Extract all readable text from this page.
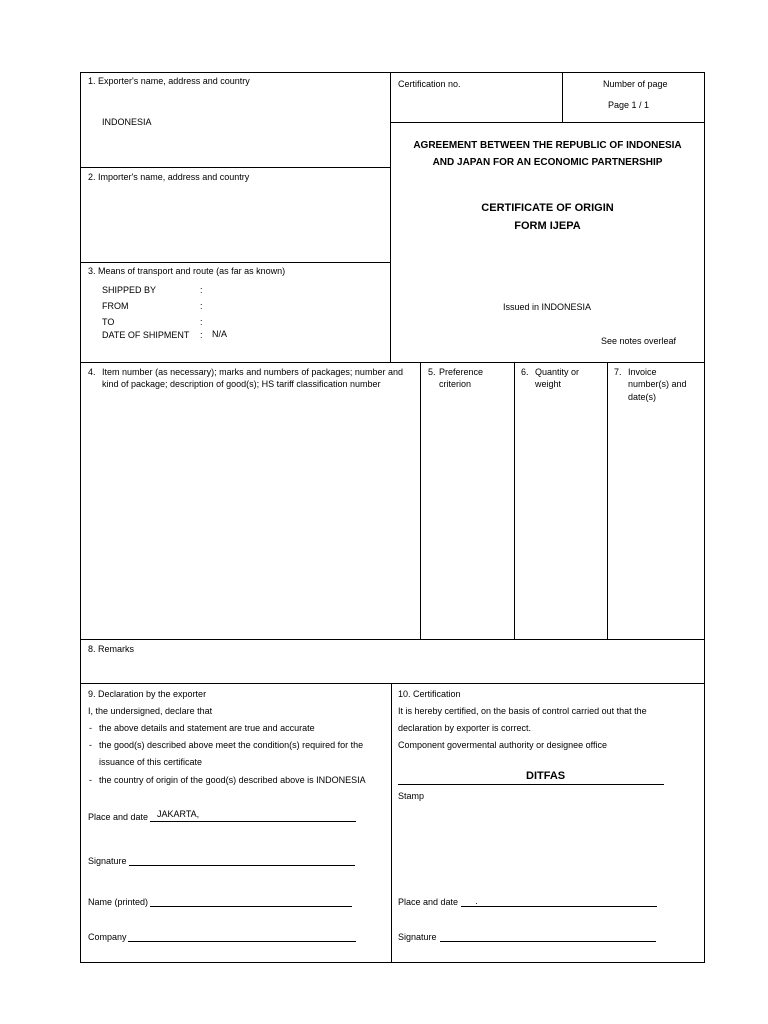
1. Exporter's name, address and country
INDONESIA
2. Importer's name, address and country
3. Means of transport and route (as far as known)
SHIPPED BY	:
FROM	:
TO	:
DATE OF SHIPMENT : N/A
Certification no.	Number of page
Page 1 / 1
AGREEMENT BETWEEN THE REPUBLIC OF INDONESIA
AND JAPAN FOR AN ECONOMIC PARTNERSHIP
CERTIFICATE OF ORIGIN
FORM IJEPA
Issued in INDONESIA
See notes overleaf
4. Item number (as necessary); marks and numbers of packages; number and kind of package; description of good(s); HS tariff classification number
5. Preference
criterion
6. Quantity or
weight
7. Invoice
number(s) and
date(s)
8. Remarks
9. Declaration by the exporter
I, the undersigned, declare that
- the above details and statement are true and accurate
- the good(s) described above meet the condition(s) required for the
issuance of this certificate
- the country of origin of the good(s) described above is INDONESIA
Place and date JAKARTA,
Signature
Name (printed)
Company
10. Certification
It is hereby certified, on the basis of control carried out that the
declaration by exporter is correct.
Component govermental authority or designee office
DITFAS
Stamp
Place and date ·
Signature
